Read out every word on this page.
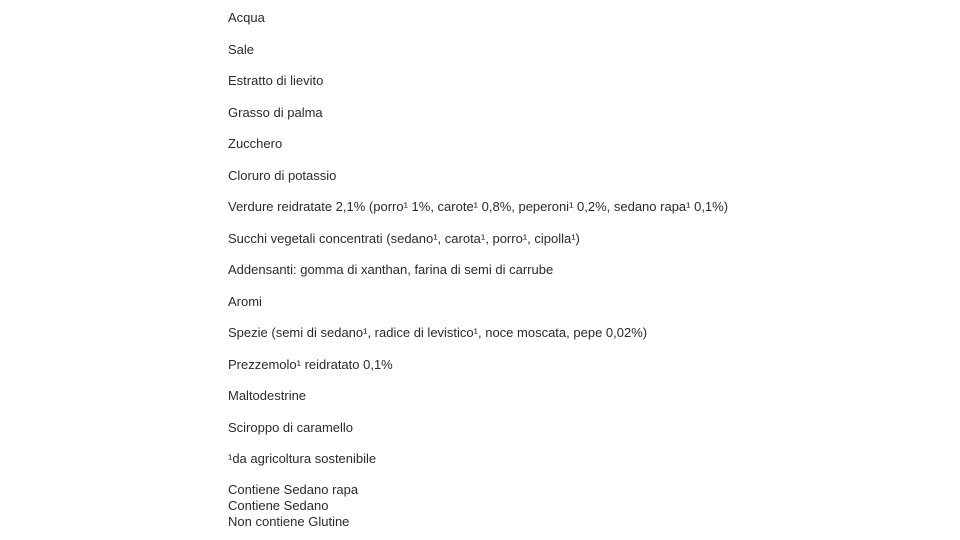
Acqua
Sale
Estratto di lievito
Grasso di palma
Zucchero
Cloruro di potassio
Verdure reidratate 2,1% (porro¹ 1%, carote¹ 0,8%, peperoni¹ 0,2%, sedano rapa¹ 0,1%)
Succhi vegetali concentrati (sedano¹, carota¹, porro¹, cipolla¹)
Addensanti: gomma di xanthan, farina di semi di carrube
Aromi
Spezie (semi di sedano¹, radice di levistico¹, noce moscata, pepe 0,02%)
Prezzemolo¹ reidratato 0,1%
Maltodestrine
Sciroppo di caramello
¹da agricoltura sostenibile
Contiene Sedano rapa
Contiene Sedano
Non contiene Glutine
